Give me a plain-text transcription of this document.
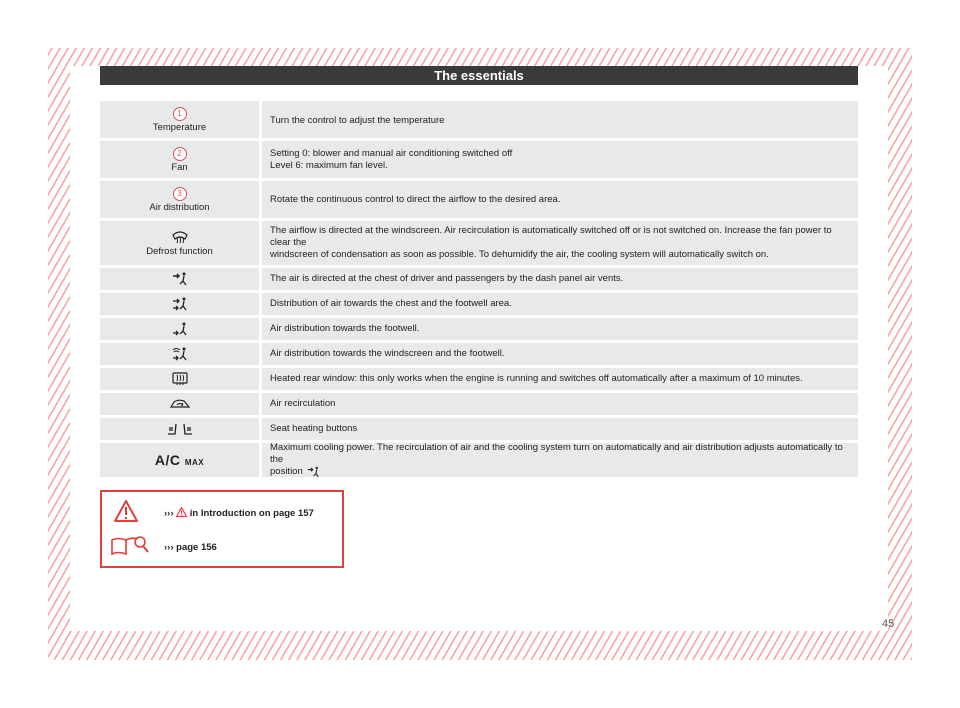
The essentials
1
Temperature
Turn the control to adjust the temperature
2
Fan
Setting 0: blower and manual air conditioning switched off
Level 6: maximum fan level.
3
Air distribution
Rotate the continuous control to direct the airflow to the desired area.
Defrost function
The airflow is directed at the windscreen. Air recirculation is automatically switched off or is not switched on. Increase the fan power to clear the
windscreen of condensation as soon as possible. To dehumidify the air, the cooling system will automatically switch on.
The air is directed at the chest of driver and passengers by the dash panel air vents.
Distribution of air towards the chest and the footwell area.
Air distribution towards the footwell.
Air distribution towards the windscreen and the footwell.
Heated rear window: this only works when the engine is running and switches off automatically after a maximum of 10 minutes.
Air recirculation
Seat heating buttons
A/C MAX
Maximum cooling power. The recirculation of air and the cooling system turn on automatically and air distribution adjusts automatically to the
position
››› in Introduction on page 157
››› page 156
45
